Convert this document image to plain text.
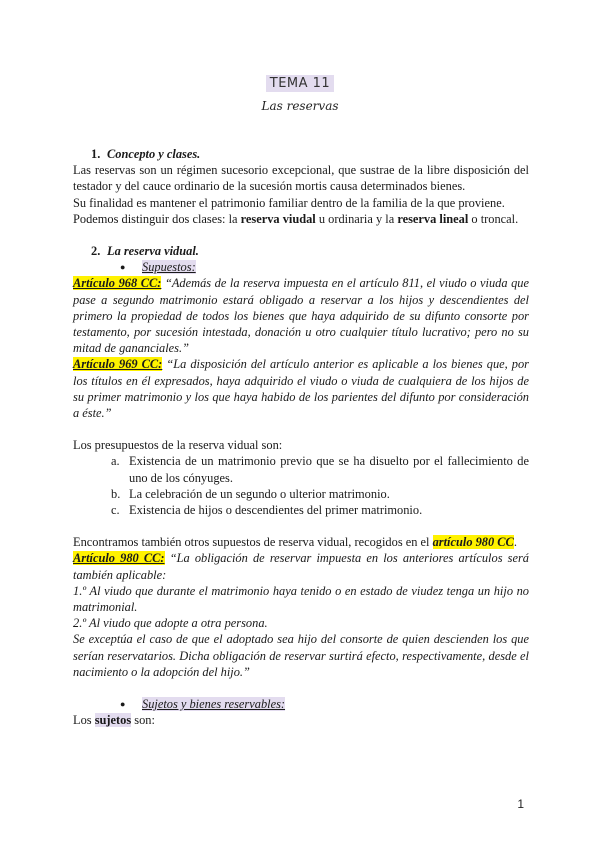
TEMA 11
Las reservas
1. Concepto y clases.

Las reservas son un régimen sucesorio excepcional, que sustrae de la libre disposición del testador y del cauce ordinario de la sucesión mortis causa determinados bienes.

Su finalidad es mantener el patrimonio familiar dentro de la familia de la que proviene.

Podemos distinguir dos clases: la reserva viudal u ordinaria y la reserva lineal o troncal.

2. La reserva vidual.
● Supuestos:

Artículo 968 CC: “Además de la reserva impuesta en el artículo 811, el viudo o viuda que pase a segundo matrimonio estará obligado a reservar a los hijos y descendientes del primero la propiedad de todos los bienes que haya adquirido de su difunto consorte por testamento, por sucesión intestada, donación u otro cualquier título lucrativo; pero no su mitad de gananciales.”

Artículo 969 CC: “La disposición del artículo anterior es aplicable a los bienes que, por los títulos en él expresados, haya adquirido el viudo o viuda de cualquiera de los hijos de su primer matrimonio y los que haya habido de los parientes del difunto por consideración a éste.”

Los presupuestos de la reserva vidual son:

a. Existencia de un matrimonio previo que se ha disuelto por el fallecimiento de uno de los cónyuges.
b. La celebración de un segundo o ulterior matrimonio.
c. Existencia de hijos o descendientes del primer matrimonio.

Encontramos también otros supuestos de reserva vidual, recogidos en el artículo 980 CC.

Artículo 980 CC: “La obligación de reservar impuesta en los anteriores artículos será también aplicable:

1.º Al viudo que durante el matrimonio haya tenido o en estado de viudez tenga un hijo no matrimonial.

2.º Al viudo que adopte a otra persona.

Se exceptúa el caso de que el adoptado sea hijo del consorte de quien descienden los que serían reservatarios. Dicha obligación de reservar surtirá efecto, respectivamente, desde el nacimiento o la adopción del hijo.”

● Sujetos y bienes reservables:

Los sujetos son:

1
